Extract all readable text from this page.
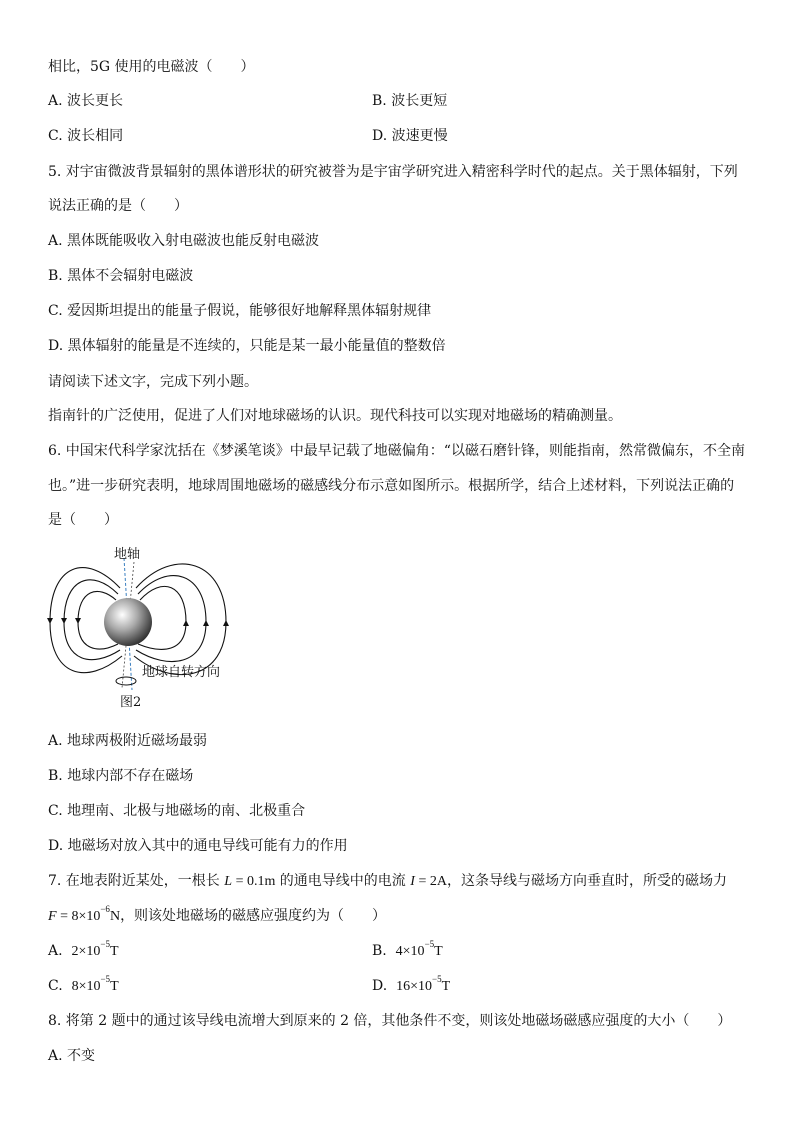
相比，5G 使用的电磁波（　　）
A. 波长更长	B. 波长更短
C. 波长相同	D. 波速更慢
5. 对宇宙微波背景辐射的黑体谱形状的研究被誉为是宇宙学研究进入精密科学时代的起点。关于黑体辐射，下列
说法正确的是（　　）
A. 黑体既能吸收入射电磁波也能反射电磁波
B. 黑体不会辐射电磁波
C. 爱因斯坦提出的能量子假说，能够很好地解释黑体辐射规律
D. 黑体辐射的能量是不连续的，只能是某一最小能量值的整数倍
请阅读下述文字，完成下列小题。
指南针的广泛使用，促进了人们对地球磁场的认识。现代科技可以实现对地磁场的精确测量。
6. 中国宋代科学家沈括在《梦溪笔谈》中最早记载了地磁偏角：“以磁石磨针锋，则能指南，然常微偏东，不全南
也。”进一步研究表明，地球周围地磁场的磁感线分布示意如图所示。根据所学，结合上述材料，下列说法正确的
是（　　）
地轴
地球自转方向
图2
A. 地球两极附近磁场最弱
B. 地球内部不存在磁场
C. 地理南、北极与地磁场的南、北极重合
D. 地磁场对放入其中的通电导线可能有力的作用
7. 在地表附近某处，一根长 L = 0.1m 的通电导线中的电流 I = 2A，这条导线与磁场方向垂直时，所受的磁场力
$F = 8\times 10^{-6}N$，则该处地磁场的磁感应强度约为（　　）
A. $2\times 10^{-5}T$	B. $4\times 10^{-5}T$
C. $8\times 10^{-5}T$	D. $16\times 10^{-5}T$
8. 将第 2 题中的通过该导线电流增大到原来的 2 倍，其他条件不变，则该处地磁场磁感应强度的大小（　　）
A. 不变
